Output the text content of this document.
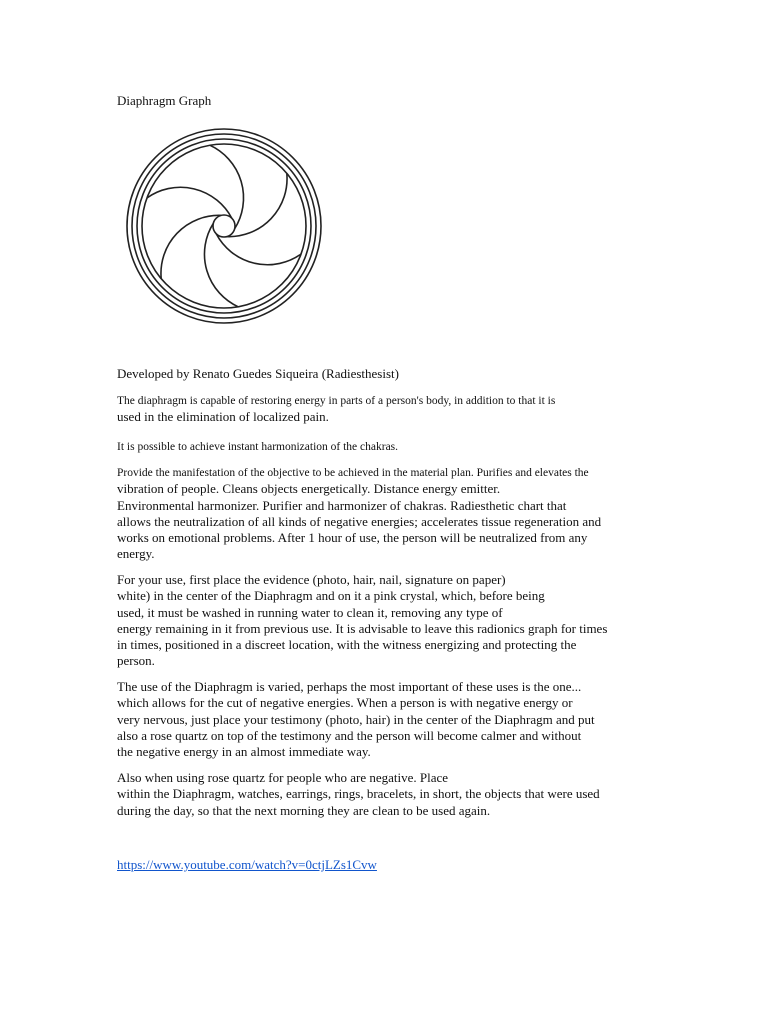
Diaphragm Graph
Developed by Renato Guedes Siqueira (Radiesthesist)
The diaphragm is capable of restoring energy in parts of a person's body, in addition to that it is
used in the elimination of localized pain.
It is possible to achieve instant harmonization of the chakras.
Provide the manifestation of the objective to be achieved in the material plan. Purifies and elevates the
vibration of people. Cleans objects energetically. Distance energy emitter.
Environmental harmonizer. Purifier and harmonizer of chakras. Radiesthetic chart that
allows the neutralization of all kinds of negative energies; accelerates tissue regeneration and
works on emotional problems. After 1 hour of use, the person will be neutralized from any
energy.
For your use, first place the evidence (photo, hair, nail, signature on paper)
white) in the center of the Diaphragm and on it a pink crystal, which, before being
used, it must be washed in running water to clean it, removing any type of
energy remaining in it from previous use. It is advisable to leave this radionics graph for times
in times, positioned in a discreet location, with the witness energizing and protecting the
person.
The use of the Diaphragm is varied, perhaps the most important of these uses is the one...
which allows for the cut of negative energies. When a person is with negative energy or
very nervous, just place your testimony (photo, hair) in the center of the Diaphragm and put
also a rose quartz on top of the testimony and the person will become calmer and without
the negative energy in an almost immediate way.
Also when using rose quartz for people who are negative. Place
within the Diaphragm, watches, earrings, rings, bracelets, in short, the objects that were used
during the day, so that the next morning they are clean to be used again.
https://www.youtube.com/watch?v=0ctjLZs1Cvw
